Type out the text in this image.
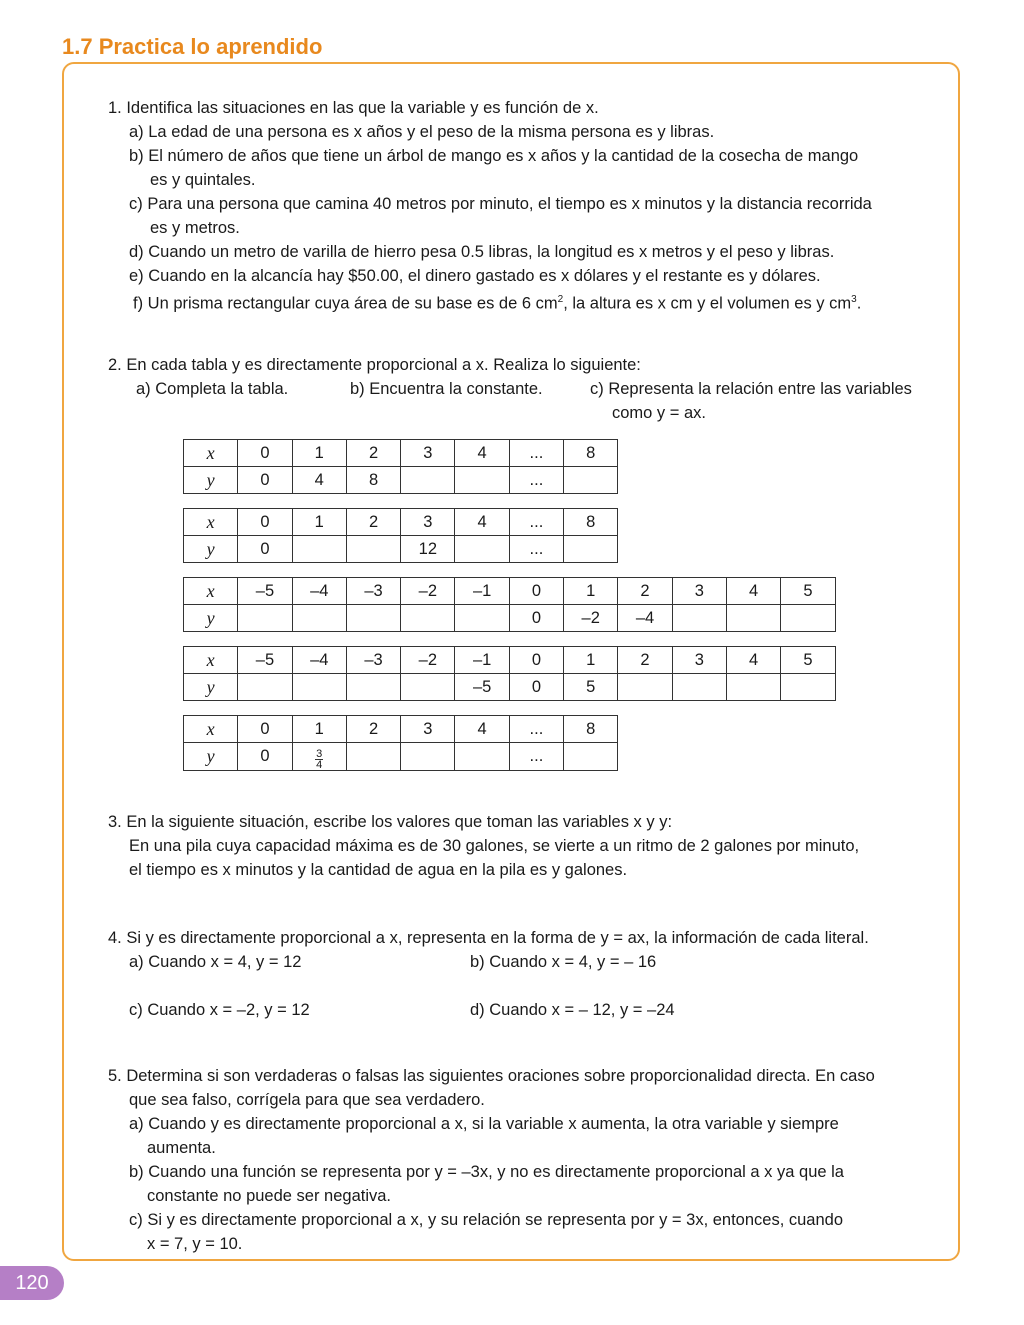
1.7 Practica lo aprendido
1. Identifica las situaciones en las que la variable y es función de x.
a) La edad de una persona es x años y el peso de la misma persona es y libras.
b) El número de años que tiene un árbol de mango es x años y la cantidad de la cosecha de mango
es y quintales.
c) Para una persona que camina 40 metros por minuto, el tiempo es x minutos y la distancia recorrida
es y metros.
d) Cuando un metro de varilla de hierro pesa 0.5 libras, la longitud es x metros y el peso y libras.
e) Cuando en la alcancía hay $50.00, el dinero gastado es x dólares y el restante es y dólares.
f) Un prisma rectangular cuya área de su base es de 6 $cm^2$, la altura es x cm y el volumen es y $cm^3$.
2. En cada tabla y es directamente proporcional a x. Realiza lo siguiente:
a) Completa la tabla.	b) Encuentra la constante.	c) Representa la relación entre las variables
como y = ax.
x	0	1	2	3	4	...	8
y	0	4	8			...	
x	0	1	2	3	4	...	8
y	0			12		...	
x	–5	–4	–3	–2	–1	0	1	2	3	4	5
y						0	–2	–4			
x	–5	–4	–3	–2	–1	0	1	2	3	4	5
y					–5	0	5				
x	0	1	2	3	4	...	8
y	0	$\frac{3}{4}$				...	
3. En la siguiente situación, escribe los valores que toman las variables x y y:
En una pila cuya capacidad máxima es de 30 galones, se vierte a un ritmo de 2 galones por minuto,
el tiempo es x minutos y la cantidad de agua en la pila es y galones.
4. Si y es directamente proporcional a x, representa en la forma de y = ax, la información de cada literal.
a) Cuando x = 4, y = 12	b) Cuando x = 4, y = – 16
c) Cuando x = –2, y = 12	d) Cuando x = – 12, y = –24
5. Determina si son verdaderas o falsas las siguientes oraciones sobre proporcionalidad directa. En caso
que sea falso, corrígela para que sea verdadero.
a) Cuando y es directamente proporcional a x, si la variable x aumenta, la otra variable y siempre
aumenta.
b) Cuando una función se representa por y = –3x, y no es directamente proporcional a x ya que la
constante no puede ser negativa.
c) Si y es directamente proporcional a x, y su relación se representa por y = 3x, entonces, cuando
x = 7, y = 10.
120
